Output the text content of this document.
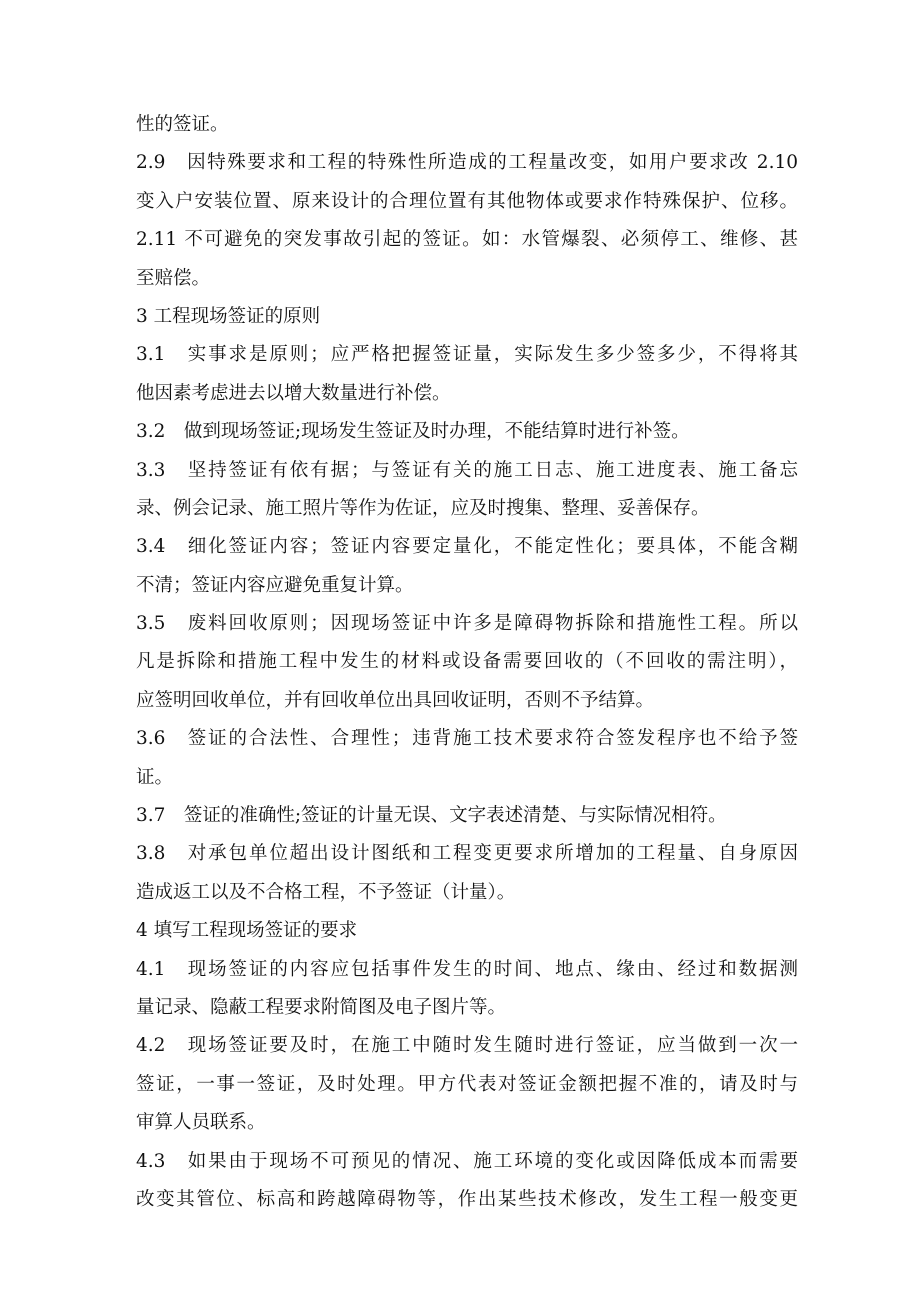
性的签证。
2.9　因特殊要求和工程的特殊性所造成的工程量改变，如用户要求改 2.10
变入户安装位置、原来设计的合理位置有其他物体或要求作特殊保护、位移。
2.11 不可避免的突发事故引起的签证。如：水管爆裂、必须停工、维修、甚
至赔偿。
3 工程现场签证的原则
3.1　实事求是原则；应严格把握签证量，实际发生多少签多少，不得将其
他因素考虑进去以增大数量进行补偿。
3.2　做到现场签证;现场发生签证及时办理，不能结算时进行补签。
3.3　坚持签证有依有据；与签证有关的施工日志、施工进度表、施工备忘
录、例会记录、施工照片等作为佐证，应及时搜集、整理、妥善保存。
3.4　细化签证内容；签证内容要定量化，不能定性化；要具体，不能含糊
不清；签证内容应避免重复计算。
3.5　废料回收原则；因现场签证中许多是障碍物拆除和措施性工程。所以
凡是拆除和措施工程中发生的材料或设备需要回收的（不回收的需注明），
应签明回收单位，并有回收单位出具回收证明，否则不予结算。
3.6　签证的合法性、合理性；违背施工技术要求符合签发程序也不给予签
证。
3.7　签证的准确性;签证的计量无误、文字表述清楚、与实际情况相符。
3.8　对承包单位超出设计图纸和工程变更要求所增加的工程量、自身原因
造成返工以及不合格工程，不予签证（计量）。
4 填写工程现场签证的要求
4.1　现场签证的内容应包括事件发生的时间、地点、缘由、经过和数据测
量记录、隐蔽工程要求附简图及电子图片等。
4.2　现场签证要及时，在施工中随时发生随时进行签证，应当做到一次一
签证，一事一签证，及时处理。甲方代表对签证金额把握不准的，请及时与
审算人员联系。
4.3　如果由于现场不可预见的情况、施工环境的变化或因降低成本而需要
改变其管位、标高和跨越障碍物等，作出某些技术修改，发生工程一般变更
